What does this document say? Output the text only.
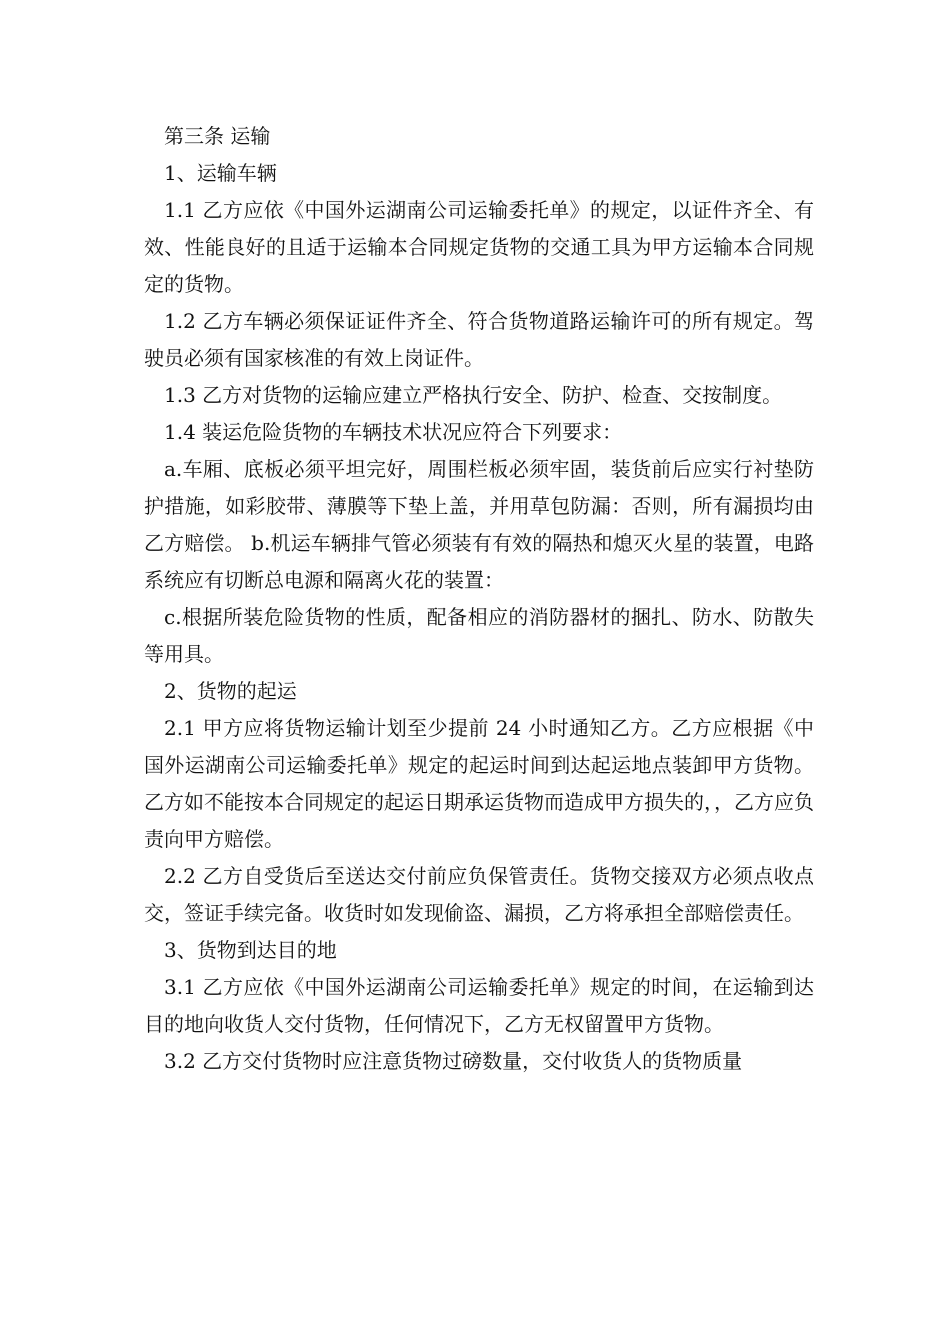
第三条 运输

1、运输车辆

1.1 乙方应依《中国外运湖南公司运输委托单》的规定，以证件齐全、有效、性能良好的且适于运输本合同规定货物的交通工具为甲方运输本合同规定的货物。

1.2 乙方车辆必须保证证件齐全、符合货物道路运输许可的所有规定。驾驶员必须有国家核准的有效上岗证件。

1.3 乙方对货物的运输应建立严格执行安全、防护、检查、交按制度。

1.4 装运危险货物的车辆技术状况应符合下列要求：

a.车厢、底板必须平坦完好，周围栏板必须牢固，装货前后应实行衬垫防护措施，如彩胶带、薄膜等下垫上盖，并用草包防漏：否则，所有漏损均由乙方赔偿。 b.机运车辆排气管必须装有有效的隔热和熄灭火星的装置，电路系统应有切断总电源和隔离火花的装置：

c.根据所装危险货物的性质，配备相应的消防器材的捆扎、防水、防散失等用具。

2、货物的起运

2.1 甲方应将货物运输计划至少提前 24 小时通知乙方。乙方应根据《中国外运湖南公司运输委托单》规定的起运时间到达起运地点装卸甲方货物。乙方如不能按本合同规定的起运日期承运货物而造成甲方损失的，，乙方应负责向甲方赔偿。

2.2 乙方自受货后至送达交付前应负保管责任。货物交接双方必须点收点交，签证手续完备。收货时如发现偷盗、漏损，乙方将承担全部赔偿责任。

3、货物到达目的地

3.1 乙方应依《中国外运湖南公司运输委托单》规定的时间，在运输到达目的地向收货人交付货物，任何情况下，乙方无权留置甲方货物。

3.2 乙方交付货物时应注意货物过磅数量，交付收货人的货物质量
